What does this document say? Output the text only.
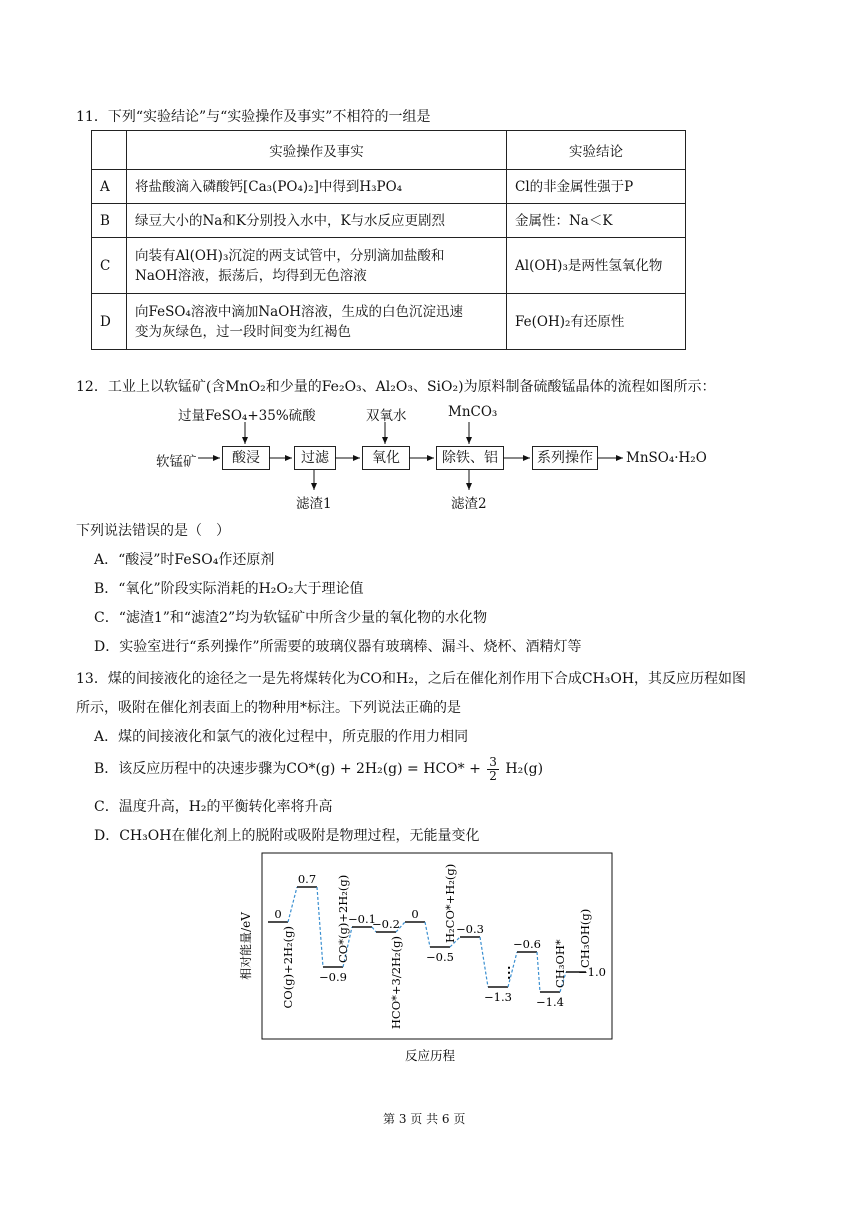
11．下列“实验结论”与“实验操作及事实”不相符的一组是
	实验操作及事实	实验结论
A	将盐酸滴入磷酸钙[Ca₃(PO₄)₂]中得到H₃PO₄	Cl的非金属性强于P
B	绿豆大小的Na和K分别投入水中，K与水反应更剧烈	金属性：Na＜K
C	向装有Al(OH)₃沉淀的两支试管中，分别滴加盐酸和
NaOH溶液，振荡后，均得到无色溶液	Al(OH)₃是两性氢氧化物
D	向FeSO₄溶液中滴加NaOH溶液，生成的白色沉淀迅速
变为灰绿色，过一段时间变为红褐色	Fe(OH)₂有还原性
12．工业上以软锰矿(含MnO₂和少量的Fe₂O₃、Al₂O₃、SiO₂)为原料制备硫酸锰晶体的流程如图所示：
过量FeSO₄+35%硫酸	双氧水	MnCO₃
软锰矿	酸浸	过滤	氧化	除铁、铝	系列操作	MnSO₄·H₂O
滤渣1	滤渣2
下列说法错误的是（　）
A．“酸浸”时FeSO₄作还原剂
B．“氧化”阶段实际消耗的H₂O₂大于理论值
C．“滤渣1”和“滤渣2”均为软锰矿中所含少量的氧化物的水化物
D．实验室进行“系列操作”所需要的玻璃仪器有玻璃棒、漏斗、烧杯、酒精灯等
13．煤的间接液化的途径之一是先将煤转化为CO和H₂，之后在催化剂作用下合成CH₃OH，其反应历程如图
所示，吸附在催化剂表面上的物种用*标注。下列说法正确的是
A．煤的间接液化和氯气的液化过程中，所克服的作用力相同
B．该反应历程中的决速步骤为$CO*(g) + 2H_2(g) = HCO* + \frac{3}{2} H_2(g)$
C．温度升高，H₂的平衡转化率将升高
D．CH₃OH在催化剂上的脱附或吸附是物理过程，无能量变化
相对能量/eV
反应历程
0
0.7
−0.9
−0.1
−0.2
0
−0.5
−0.3
−1.3
−0.6
−1.4
−1.0
CO(g)+2H₂(g)
CO*(g)+2H₂(g)
HCO*+3/2H₂(g)
H₂CO*+H₂(g)
CH₃OH* CH₃OH(g)
⋮
第 3 页 共 6 页
